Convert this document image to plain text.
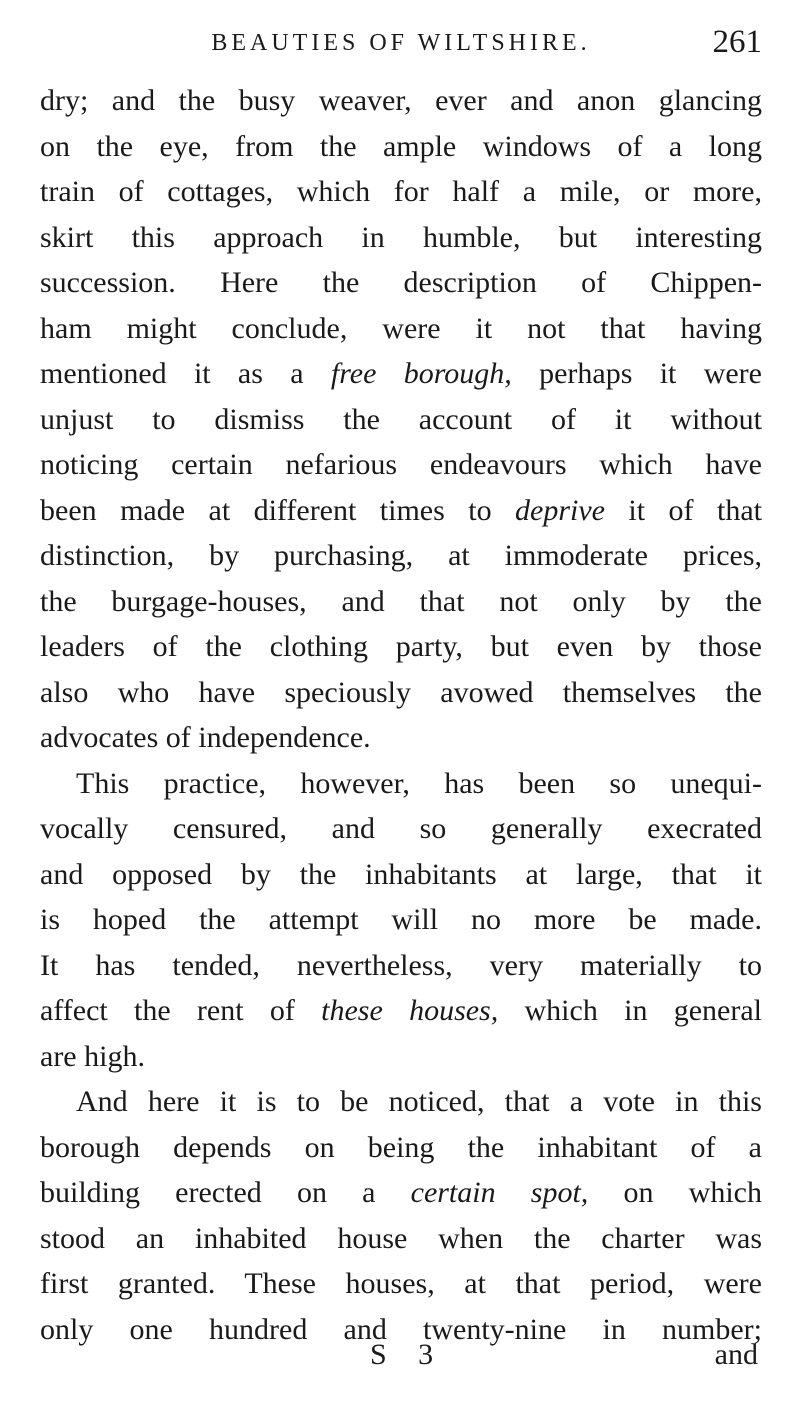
BEAUTIES OF WILTSHIRE.	261
dry; and the busy weaver, ever and anon glancing
on the eye, from the ample windows of a long
train of cottages, which for half a mile, or more,
skirt this approach in humble, but interesting
succession. Here the description of Chippen-
ham might conclude, were it not that having
mentioned it as a free borough, perhaps it were
unjust to dismiss the account of it without
noticing certain nefarious endeavours which have
been made at different times to deprive it of that
distinction, by purchasing, at immoderate prices,
the burgage-houses, and that not only by the
leaders of the clothing party, but even by those
also who have speciously avowed themselves the
advocates of independence.
This practice, however, has been so unequi-
vocally censured, and so generally execrated
and opposed by the inhabitants at large, that it
is hoped the attempt will no more be made.
It has tended, nevertheless, very materially to
affect the rent of these houses, which in general
are high.
And here it is to be noticed, that a vote in this
borough depends on being the inhabitant of a
building erected on a certain spot, on which
stood an inhabited house when the charter was
first granted. These houses, at that period, were
only one hundred and twenty-nine in number;
S 3	and
